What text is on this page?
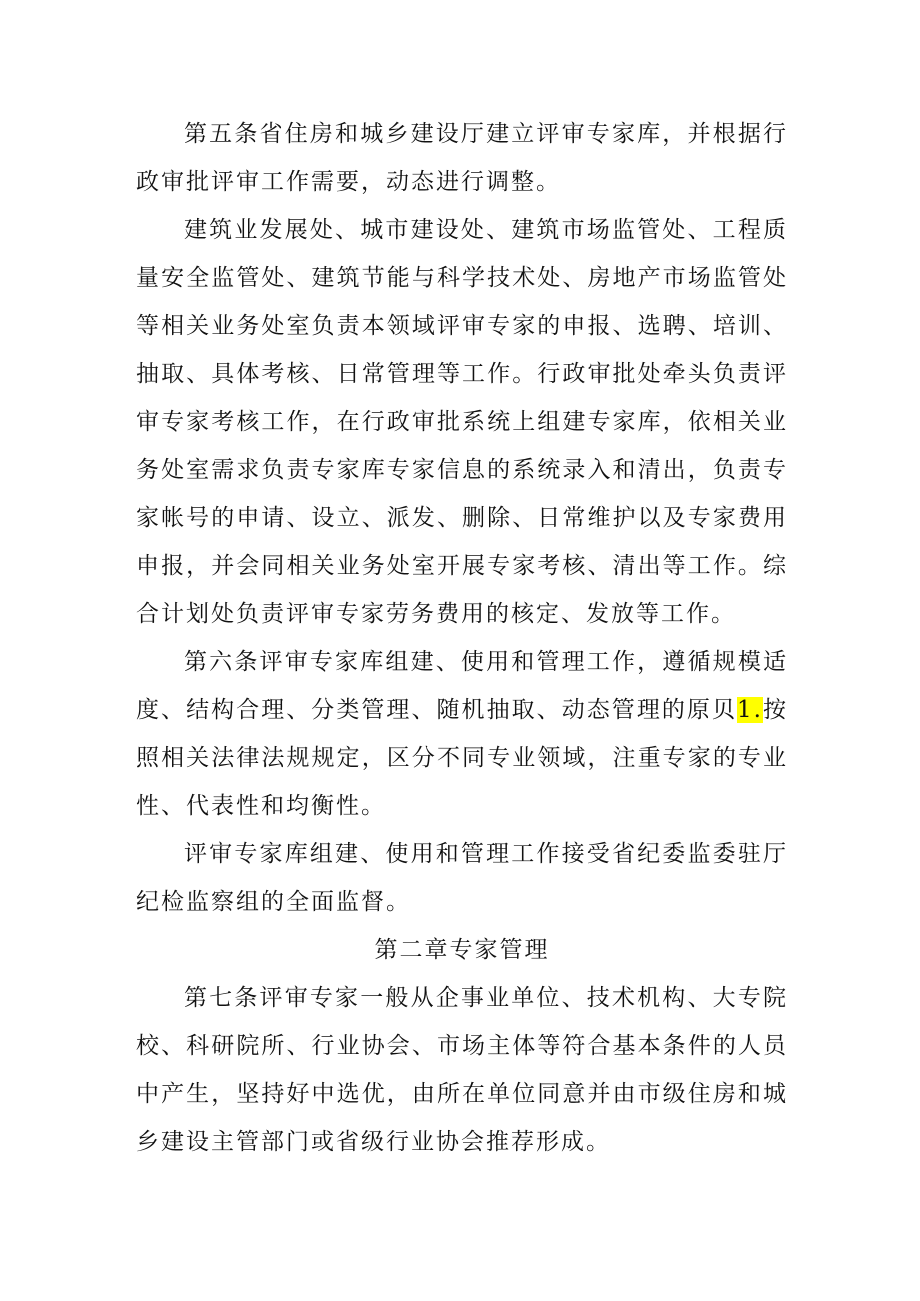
第五条省住房和城乡建设厅建立评审专家库，并根据行政审批评审工作需要，动态进行调整。

建筑业发展处、城市建设处、建筑市场监管处、工程质量安全监管处、建筑节能与科学技术处、房地产市场监管处等相关业务处室负责本领域评审专家的申报、选聘、培训、抽取、具体考核、日常管理等工作。行政审批处牵头负责评审专家考核工作，在行政审批系统上组建专家库，依相关业务处室需求负责专家库专家信息的系统录入和清出，负责专家帐号的申请、设立、派发、删除、日常维护以及专家费用申报，并会同相关业务处室开展专家考核、清出等工作。综合计划处负责评审专家劳务费用的核定、发放等工作。

第六条评审专家库组建、使用和管理工作，遵循规模适度、结构合理、分类管理、随机抽取、动态管理的原贝1.按照相关法律法规规定，区分不同专业领域，注重专家的专业性、代表性和均衡性。

评审专家库组建、使用和管理工作接受省纪委监委驻厅纪检监察组的全面监督。

第二章专家管理

第七条评审专家一般从企事业单位、技术机构、大专院校、科研院所、行业协会、市场主体等符合基本条件的人员中产生，坚持好中选优，由所在单位同意并由市级住房和城乡建设主管部门或省级行业协会推荐形成。
